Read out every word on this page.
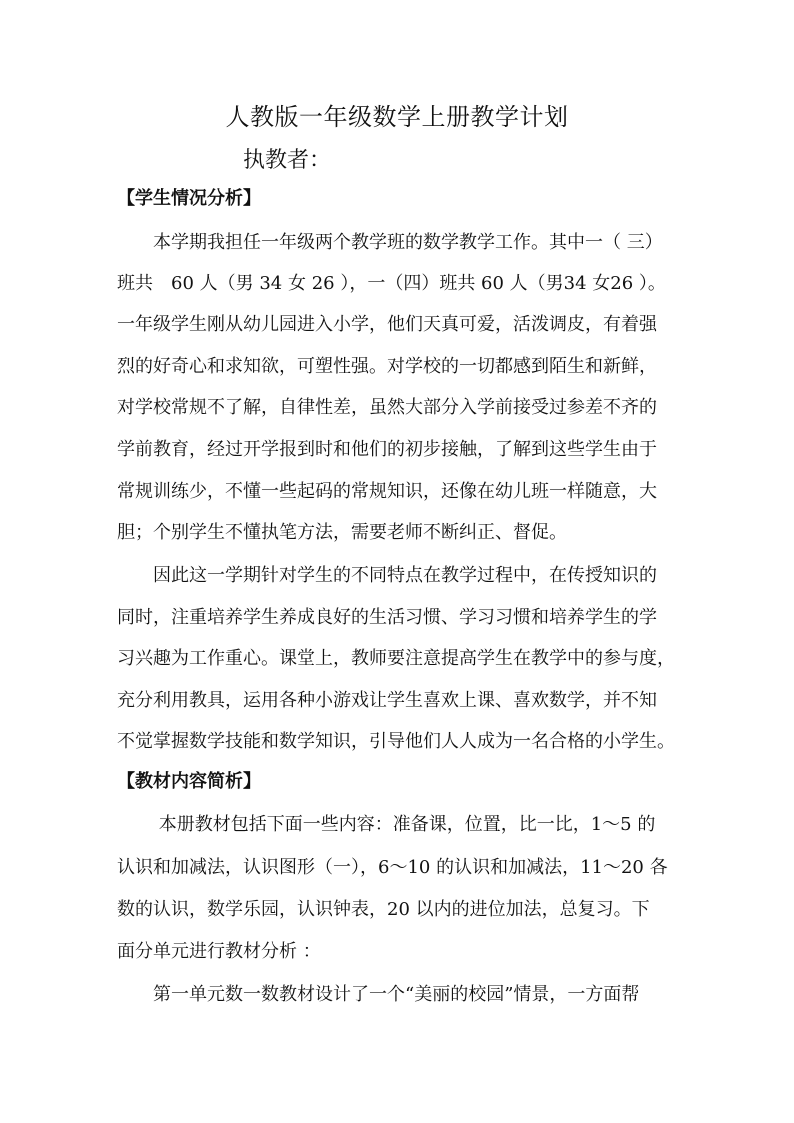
人教版一年级数学上册教学计划
执教者：
【学生情况分析】
　　本学期我担任一年级两个教学班的数学教学工作。其中一（ 三）
班共　60 人（男 34 女 26 ），一（四）班共 60 人（男34 女26 ）。
一年级学生刚从幼儿园进入小学，他们天真可爱，活泼调皮，有着强
烈的好奇心和求知欲，可塑性强。对学校的一切都感到陌生和新鲜，
对学校常规不了解，自律性差，虽然大部分入学前接受过参差不齐的
学前教育，经过开学报到时和他们的初步接触，了解到这些学生由于
常规训练少，不懂一些起码的常规知识，还像在幼儿班一样随意，大
胆；个别学生不懂执笔方法，需要老师不断纠正、督促。
　　因此这一学期针对学生的不同特点在教学过程中，在传授知识的
同时，注重培养学生养成良好的生活习惯、学习习惯和培养学生的学
习兴趣为工作重心。课堂上，教师要注意提高学生在教学中的参与度，
充分利用教具，运用各种小游戏让学生喜欢上课、喜欢数学，并不知
不觉掌握数学技能和数学知识，引导他们人人成为一名合格的小学生。
【教材内容简析】
　　 本册教材包括下面一些内容：准备课，位置，比一比，1～5 的
认识和加减法，认识图形（一），6～10 的认识和加减法，11～20 各
数的认识，数学乐园，认识钟表，20 以内的进位加法，总复习。下
面分单元进行教材分析 ：
　　第一单元数一数教材设计了一个“美丽的校园”情景，一方面帮
